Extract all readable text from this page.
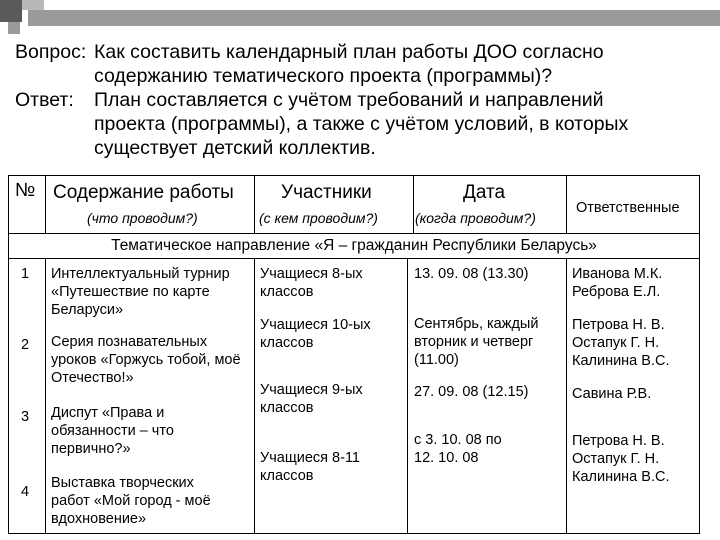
Вопрос: Как составить календарный план работы ДОО согласно
содержанию тематического проекта (программы)?
Ответ: План составляется с учётом требований и направлений
проекта (программы), а также с учётом условий, в которых
существует детский коллектив.
№ Содержание работы
(что проводим?)
Участники
(с кем проводим?)
Дата
(когда проводим?)
Ответственные
Тематическое направление «Я – гражданин Республики Беларусь»
1 Интеллектуальный турнир «Путешествие по карте Беларуси»
Учащиеся 8-ых классов
13. 09. 08 (13.30)	Иванова М.К. Реброва Е.Л.
2 Серия познавательных уроков «Горжусь тобой, моё Отечество!»
Учащиеся 10-ых классов
Сентябрь, каждый вторник и четверг (11.00)
Петрова Н. В. Остапук Г. Н. Калинина В.С.
3 Диспут «Права и обязанности – что первично?»
Учащиеся 9-ых классов
27. 09. 08 (12.15)	Савина Р.В.
4
Выставка творческих работ «Мой город - моё вдохновение»
Учащиеся 8-11 классов
с 3. 10. 08 по 12. 10. 08
Петрова Н. В. Остапук Г. Н. Калинина В.С.
